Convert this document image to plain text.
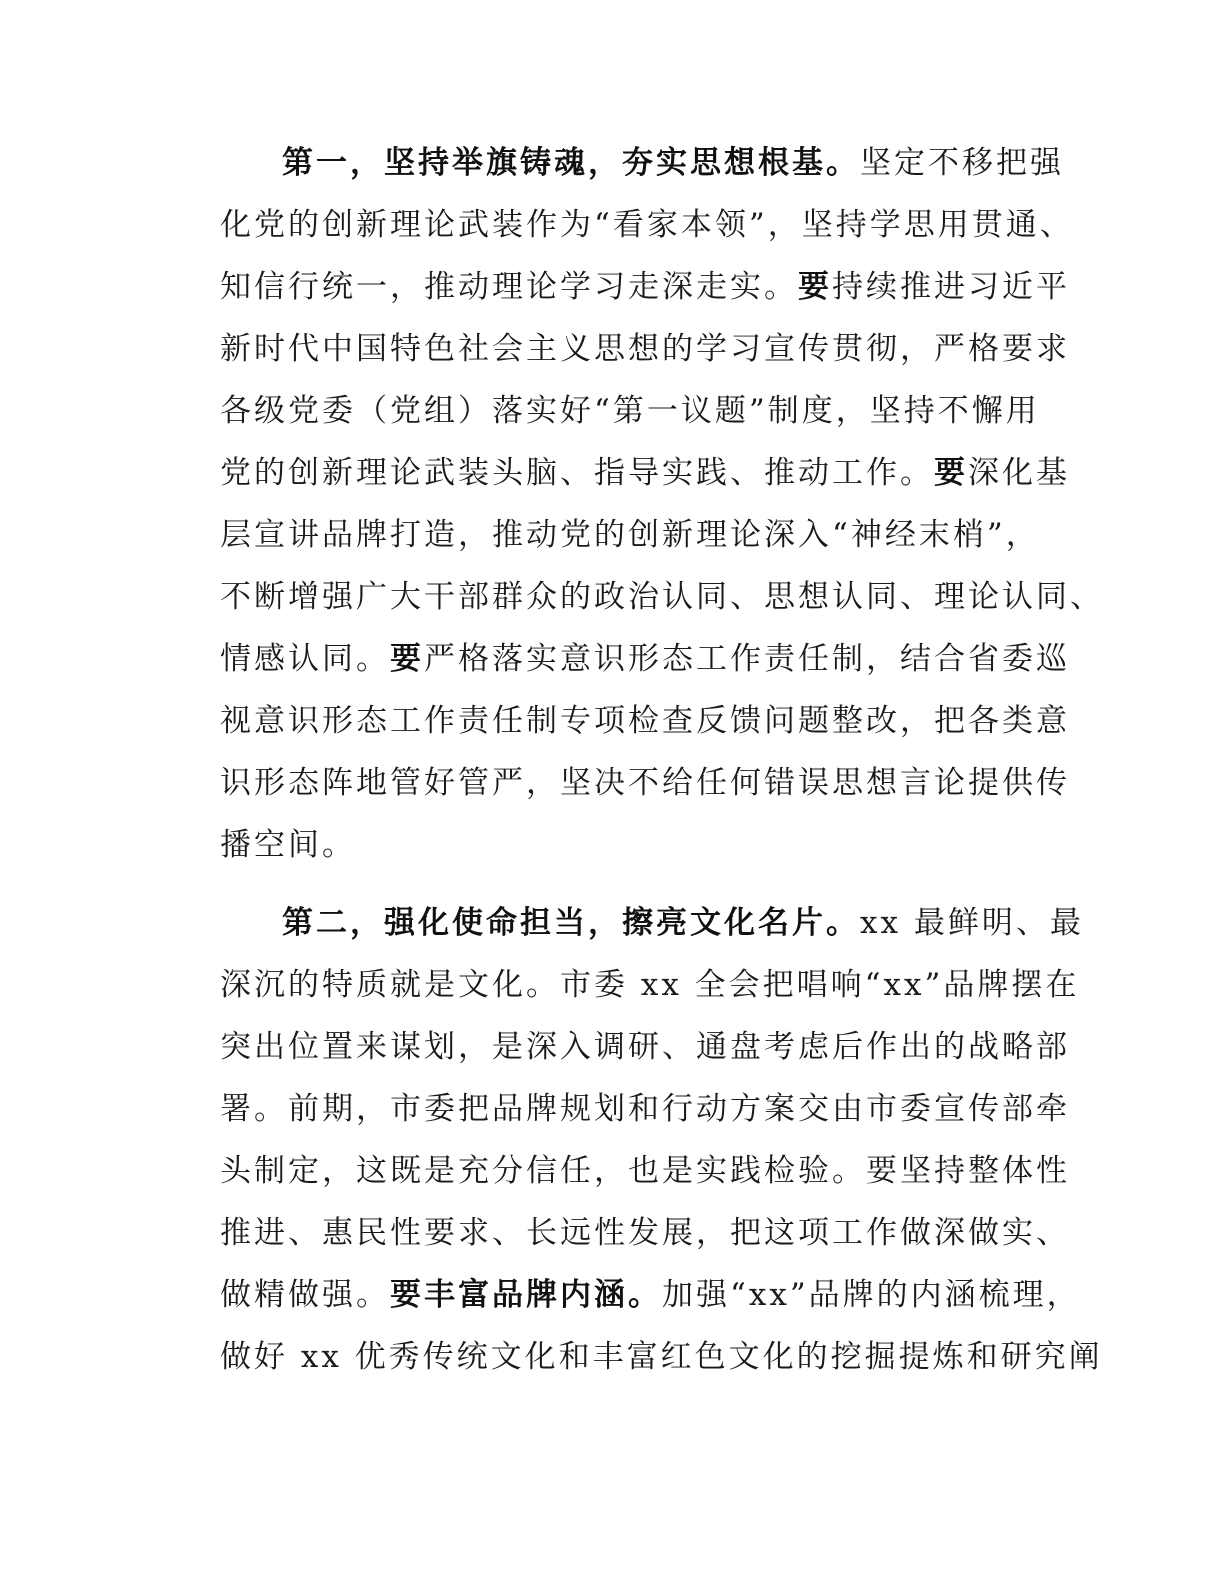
第一，坚持举旗铸魂，夯实思想根基。坚定不移把强
化党的创新理论武装作为“看家本领”，坚持学思用贯通、
知信行统一，推动理论学习走深走实。要持续推进习近平
新时代中国特色社会主义思想的学习宣传贯彻，严格要求
各级党委（党组）落实好“第一议题”制度，坚持不懈用
党的创新理论武装头脑、指导实践、推动工作。要深化基
层宣讲品牌打造，推动党的创新理论深入“神经末梢”，
不断增强广大干部群众的政治认同、思想认同、理论认同、
情感认同。要严格落实意识形态工作责任制，结合省委巡
视意识形态工作责任制专项检查反馈问题整改，把各类意
识形态阵地管好管严，坚决不给任何错误思想言论提供传
播空间。
第二，强化使命担当，擦亮文化名片。xx 最鲜明、最
深沉的特质就是文化。市委 xx 全会把唱响“xx”品牌摆在
突出位置来谋划，是深入调研、通盘考虑后作出的战略部
署。前期，市委把品牌规划和行动方案交由市委宣传部牵
头制定，这既是充分信任，也是实践检验。要坚持整体性
推进、惠民性要求、长远性发展，把这项工作做深做实、
做精做强。要丰富品牌内涵。加强“xx”品牌的内涵梳理，
做好 xx 优秀传统文化和丰富红色文化的挖掘提炼和研究阐
